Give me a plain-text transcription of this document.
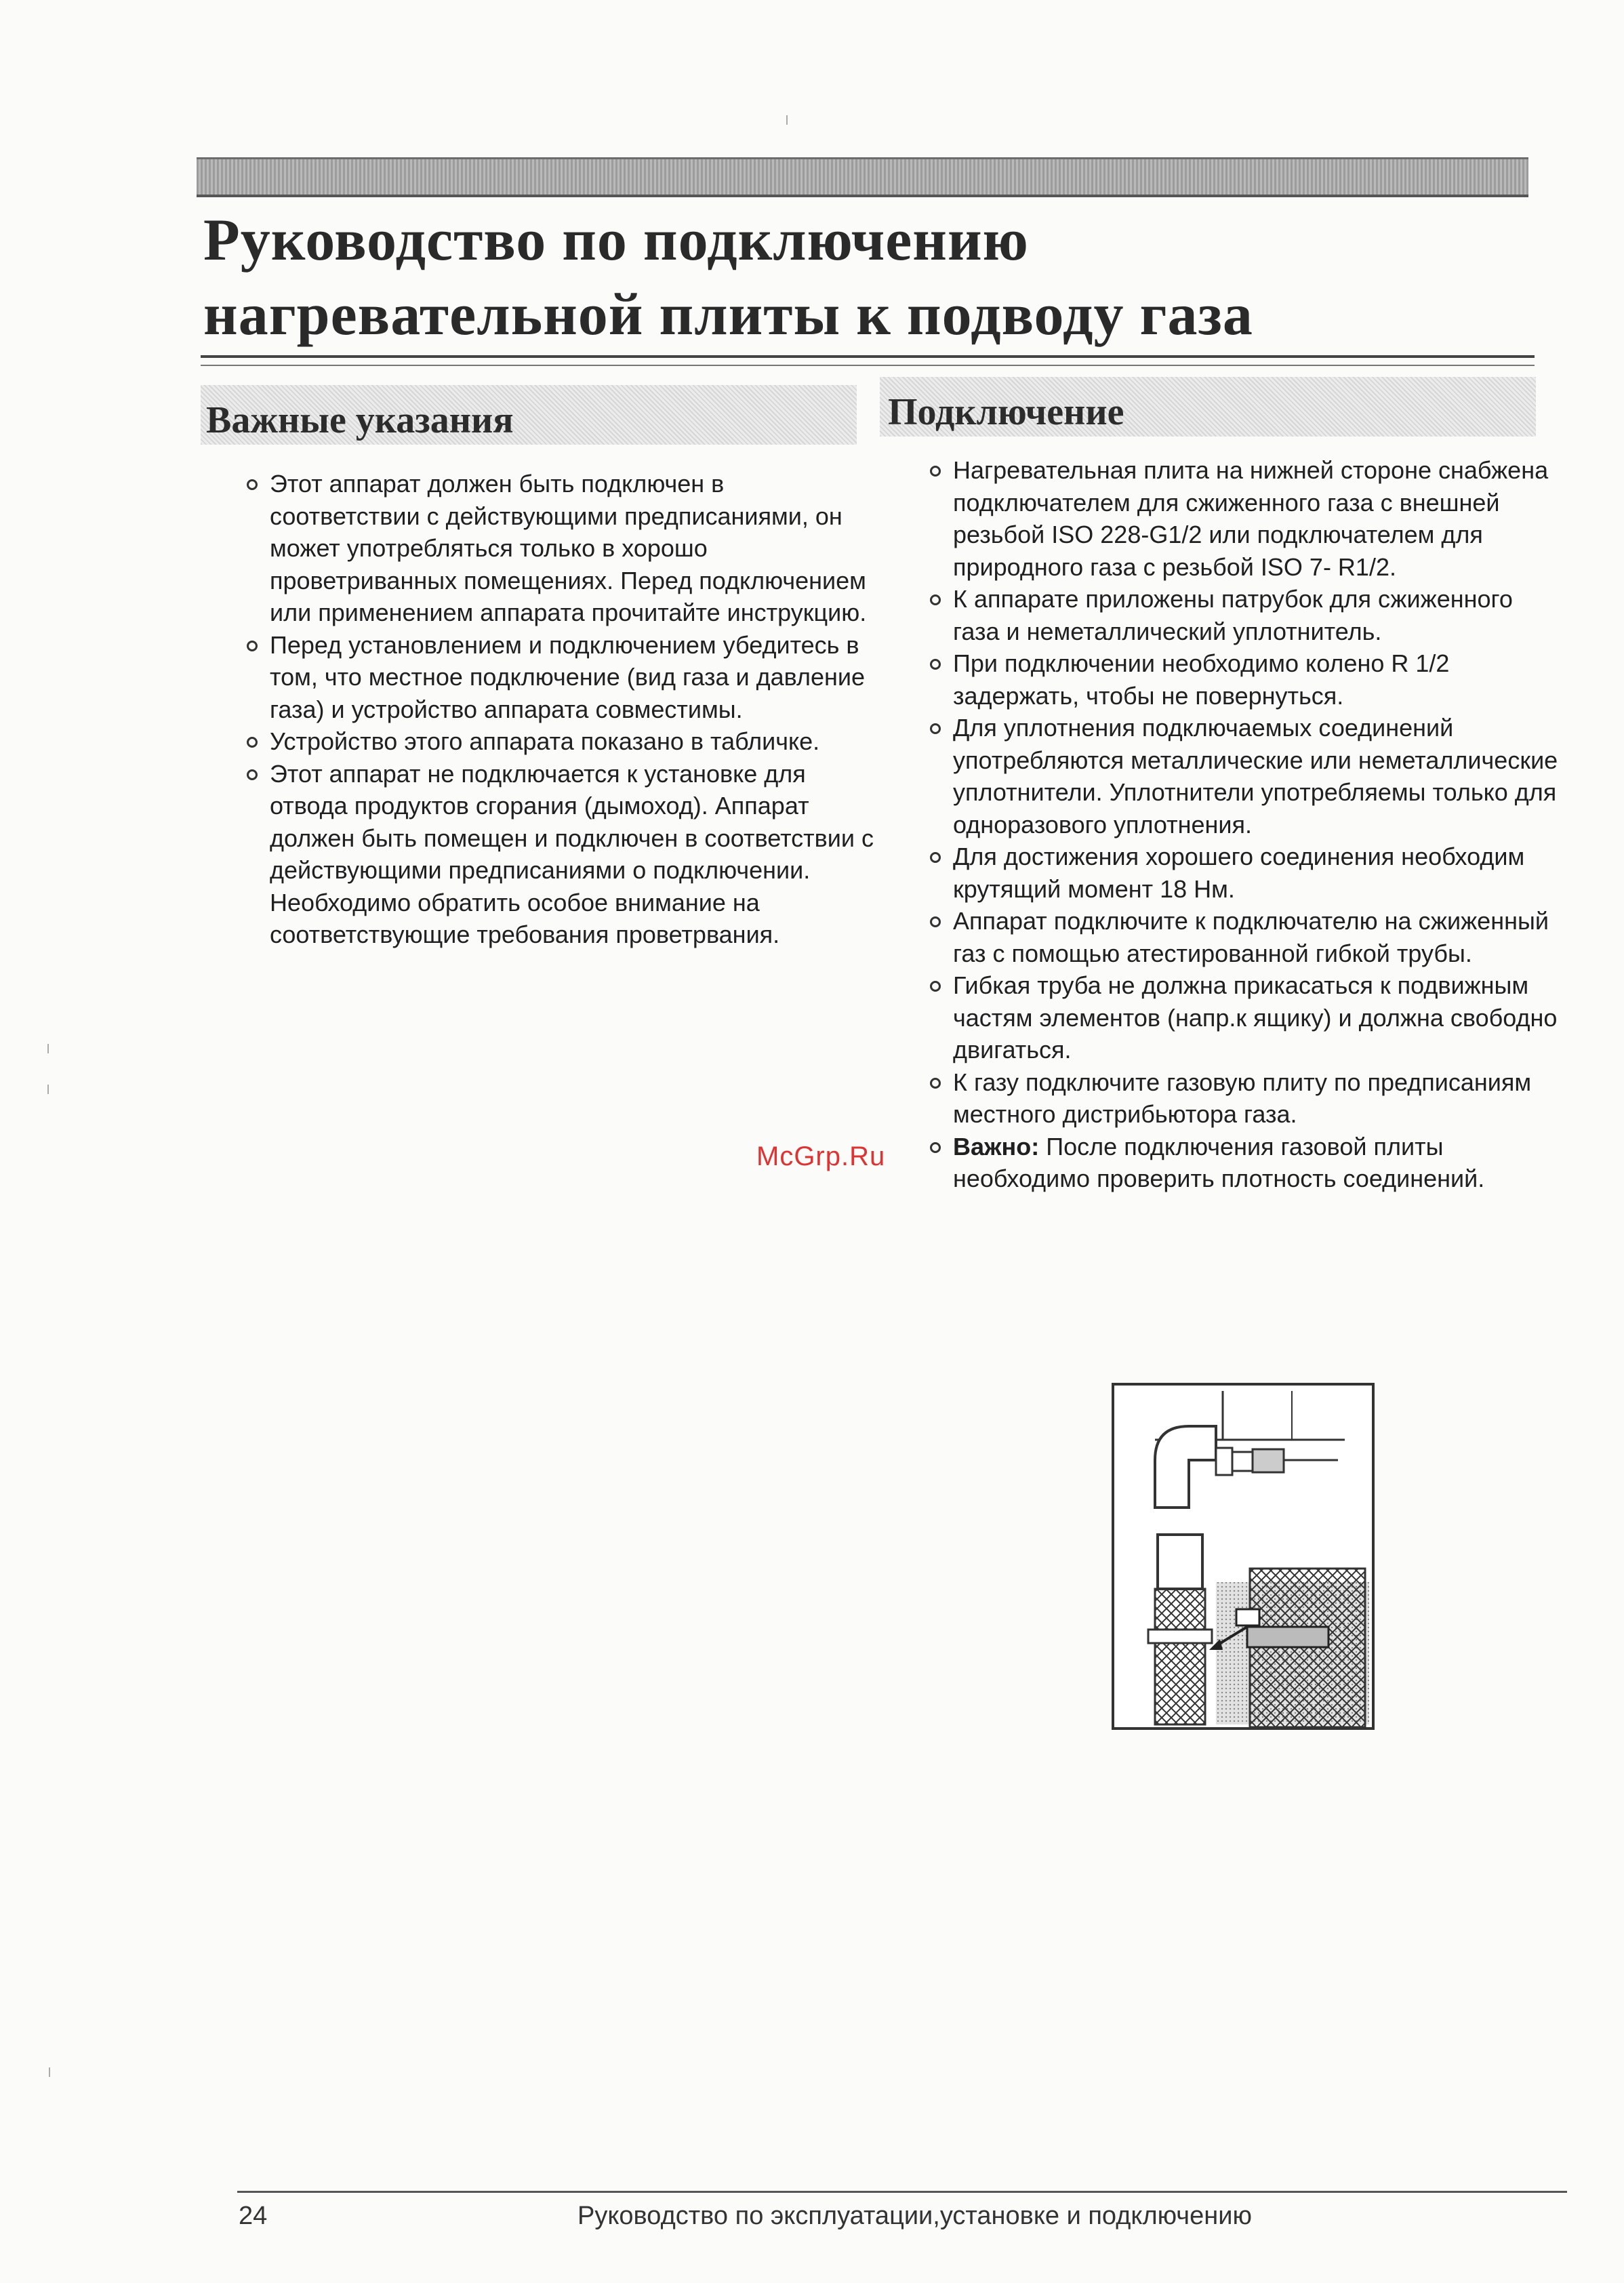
Руководство по подключению
нагревательной плиты к подводу газа
Важные указания	Подключение
Этот аппарат должен быть подключен в соответствии с действующими предписаниями, он может употребляться только в хорошо проветриванных помещениях. Перед подключением или применением аппарата прочитайте инструкцию.
Перед установлением и подключением убедитесь в том, что местное подключение (вид газа и давление газа) и устройство аппарата совместимы.
Устройство этого аппарата показано в табличке.
Этот аппарат не подключается к установке для отвода продуктов сгорания (дымоход). Аппарат должен быть помещен и подключен в соответствии с действующими предписаниями о подключении. Необходимо обратить особое внимание на соответствующие требования проветрвания.
Нагревательная плита на нижней стороне снабжена подключателем для сжиженного газа с внешней резьбой ISO 228-G1/2 или подключателем для природного газа с резьбой ISO 7- R1/2.
К аппарате приложены патрубок для сжиженного газа и неметаллический уплотнитель.
При подключении необходимо колено R 1/2 задержать, чтобы не повернуться.
Для уплотнения подключаемых соединений употребляются металлические или неметаллические уплотнители. Уплотнители употребляемы только для одноразового уплотнения.
Для достижения хорошего соединения необходим крутящий момент 18 Нм.
Аппарат подключите к подключателю на сжиженный газ с помощью атестированной гибкой трубы.
Гибкая труба не должна прикасаться к подвижным частям элементов (напр.к ящику) и должна свободно двигаться.
К газу подключите газовую плиту по предписаниям местного дистрибьютора газа.
Важно: После подключения газовой плиты необходимо проверить плотность соединений.
McGrp.Ru
24	Руководство по эксплуатации,установке и подключению
